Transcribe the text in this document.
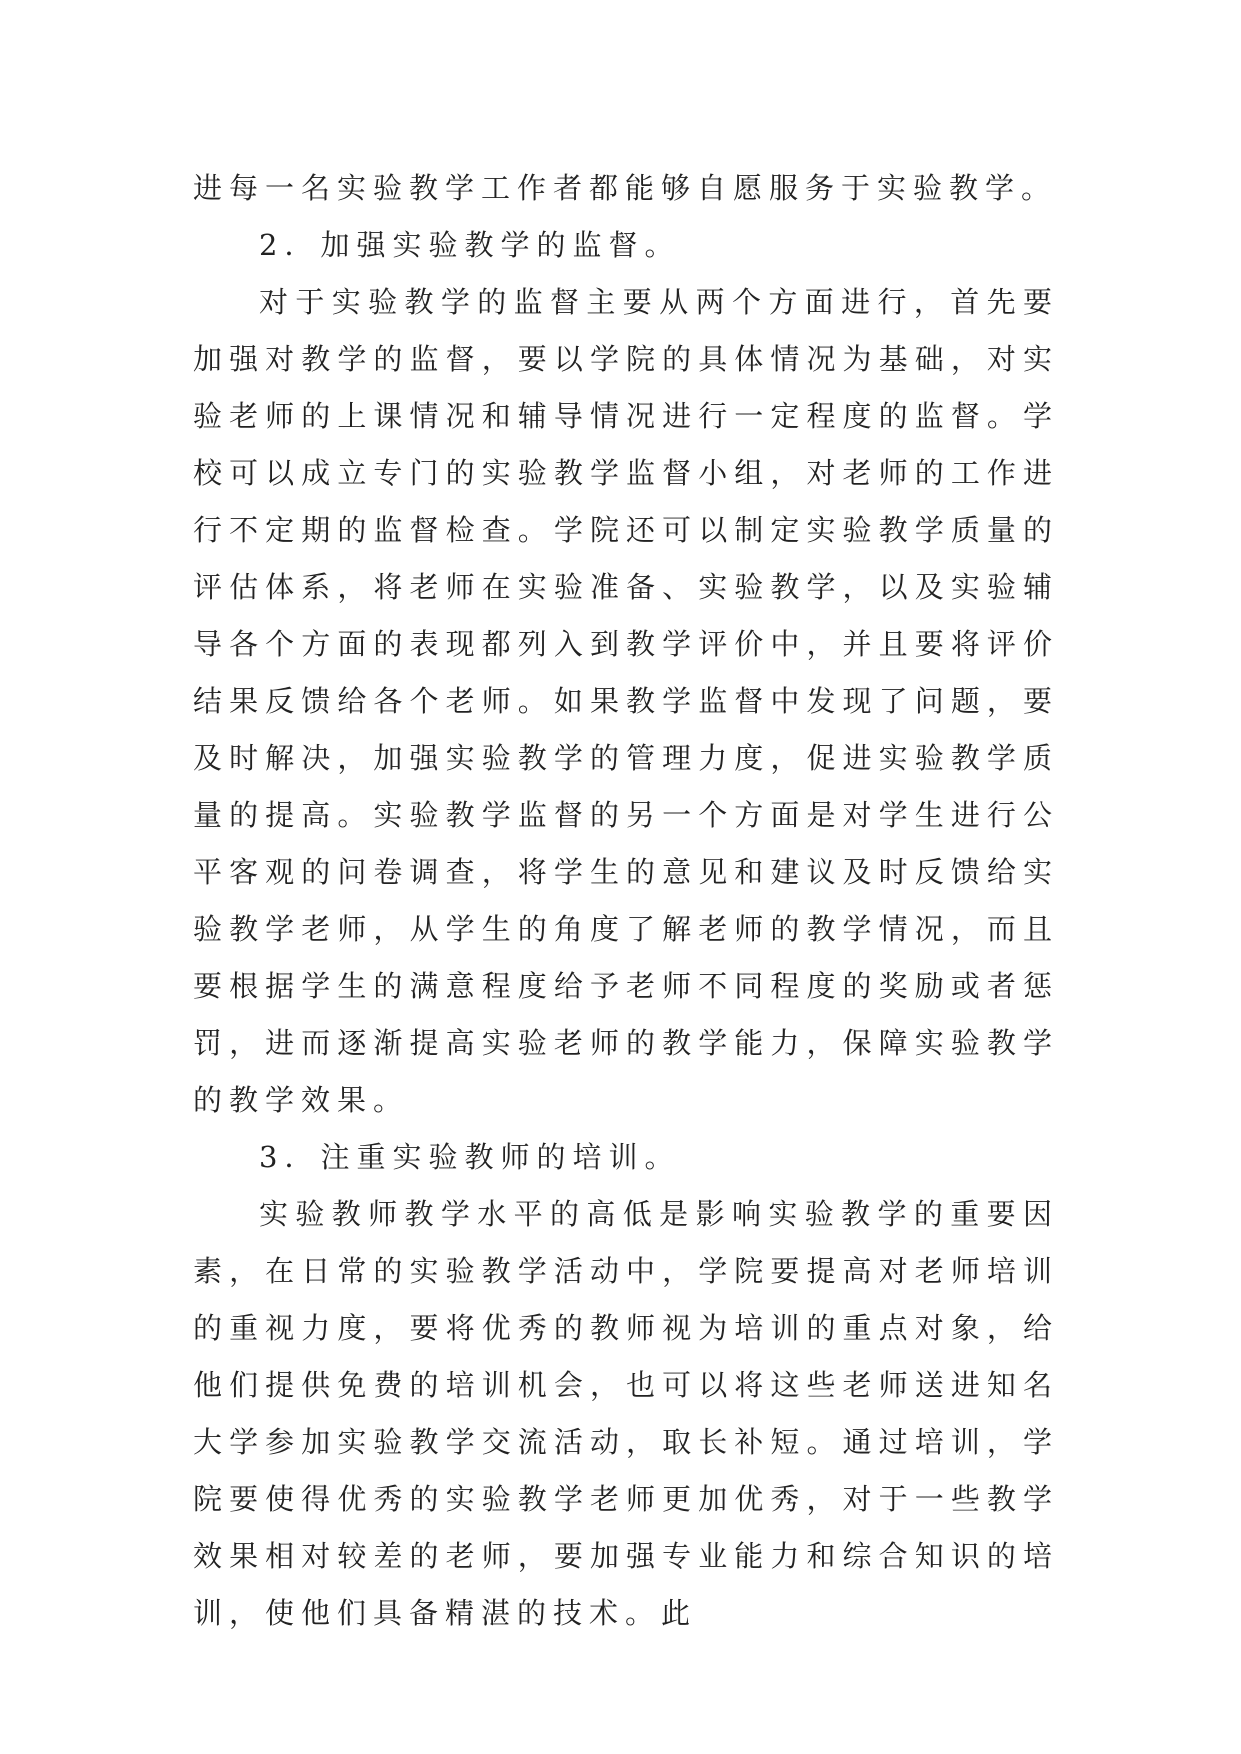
进每一名实验教学工作者都能够自愿服务于实验教学。

2．加强实验教学的监督。

对于实验教学的监督主要从两个方面进行，首先要加强对教学的监督，要以学院的具体情况为基础，对实验老师的上课情况和辅导情况进行一定程度的监督。学校可以成立专门的实验教学监督小组，对老师的工作进行不定期的监督检查。学院还可以制定实验教学质量的评估体系，将老师在实验准备、实验教学，以及实验辅导各个方面的表现都列入到教学评价中，并且要将评价结果反馈给各个老师。如果教学监督中发现了问题，要及时解决，加强实验教学的管理力度，促进实验教学质量的提高。实验教学监督的另一个方面是对学生进行公平客观的问卷调查，将学生的意见和建议及时反馈给实验教学老师，从学生的角度了解老师的教学情况，而且要根据学生的满意程度给予老师不同程度的奖励或者惩罚，进而逐渐提高实验老师的教学能力，保障实验教学的教学效果。

3．注重实验教师的培训。

实验教师教学水平的高低是影响实验教学的重要因素，在日常的实验教学活动中，学院要提高对老师培训的重视力度，要将优秀的教师视为培训的重点对象，给他们提供免费的培训机会，也可以将这些老师送进知名大学参加实验教学交流活动，取长补短。通过培训，学院要使得优秀的实验教学老师更加优秀，对于一些教学效果相对较差的老师，要加强专业能力和综合知识的培训，使他们具备精湛的技术。此
